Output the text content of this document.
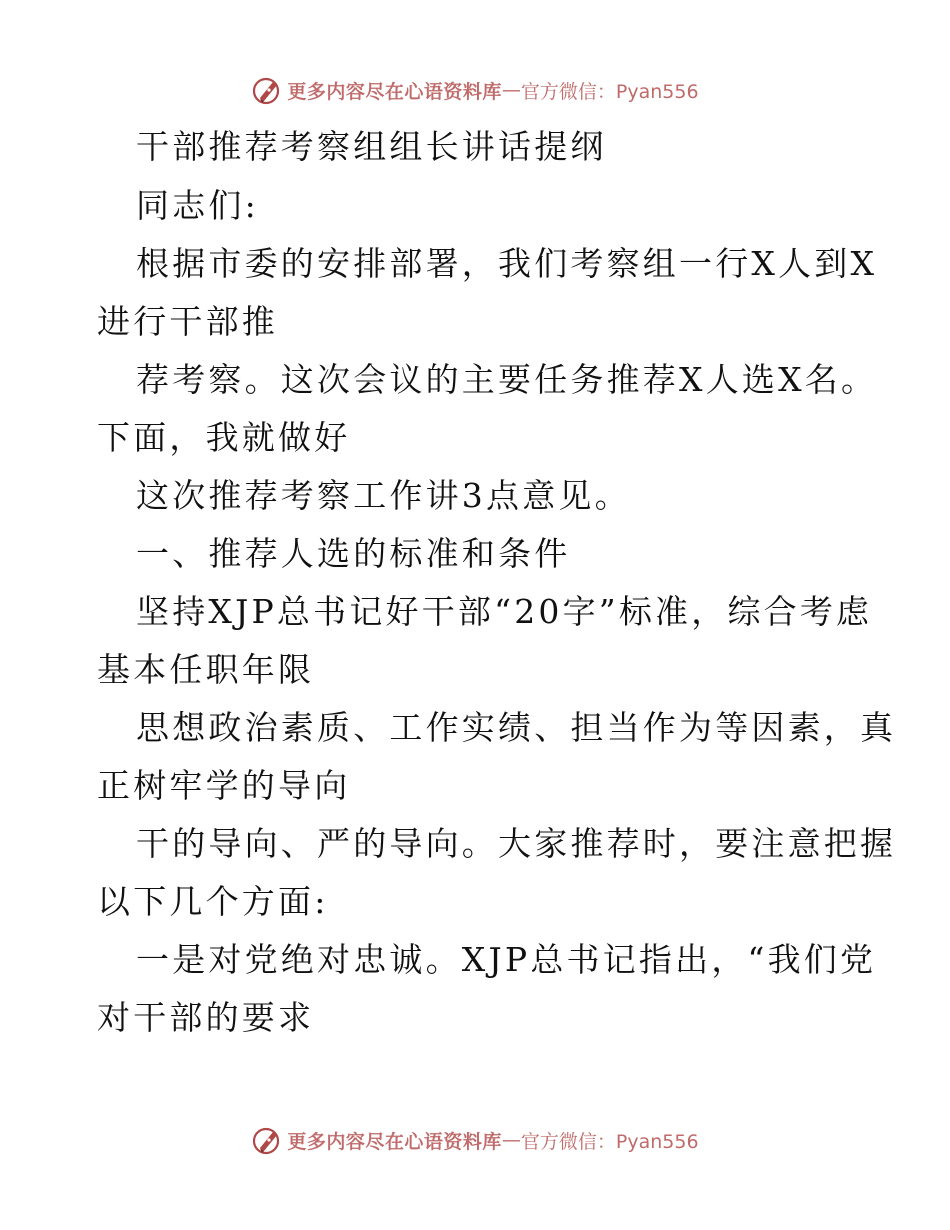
更多内容尽在心语资料库 — 官方微信：Pyan556
干部推荐考察组组长讲话提纲
同志们:
根据市委的安排部署，我们考察组一行X人到X
进行干部推
荐考察。这次会议的主要任务推荐X人选X名。
下面，我就做好
这次推荐考察工作讲3点意见。
一、推荐人选的标准和条件
坚持XJP总书记好干部“20字”标准，综合考虑
基本任职年限
思想政治素质、工作实绩、担当作为等因素，真
正树牢学的导向
干的导向、严的导向。大家推荐时，要注意把握
以下几个方面:
一是对党绝对忠诚。XJP总书记指出，“我们党
对干部的要求
更多内容尽在心语资料库 — 官方微信：Pyan556
